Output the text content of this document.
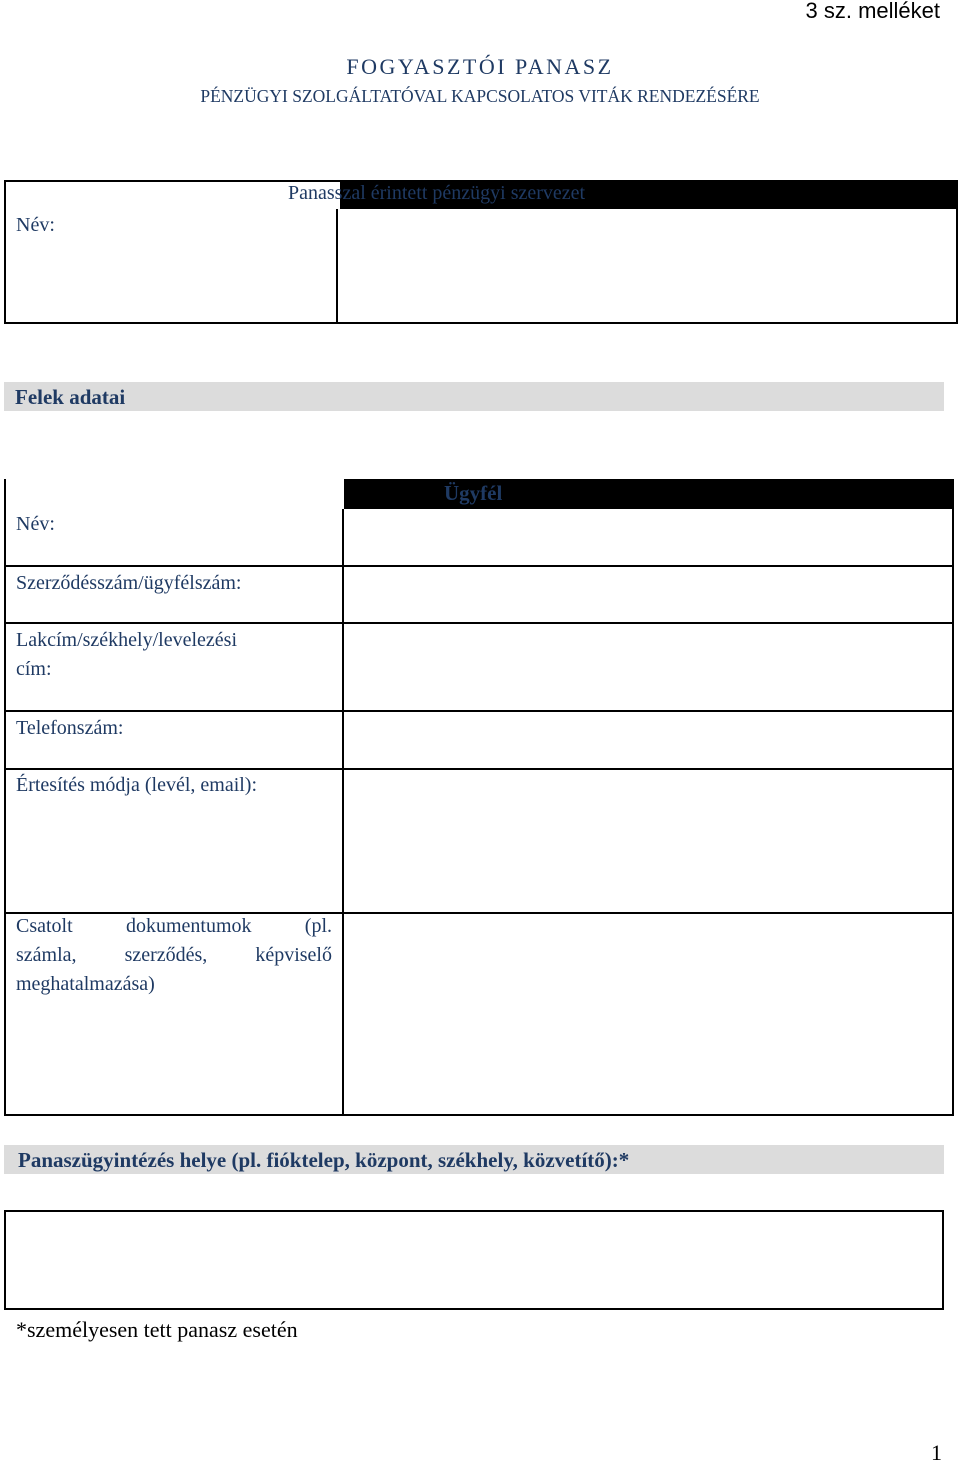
3 sz. melléket
FOGYASZTÓI PANASZ
PÉNZÜGYI SZOLGÁLTATÓVAL KAPCSOLATOS VITÁK RENDEZÉSÉRE
Panasszal érintett pénzügyi szervezet
Név:
Felek adatai
Ügyfél
Név:
Szerződésszám/ügyfélszám:
Lakcím/székhely/levelezési
cím:
Telefonszám:
Értesítés módja (levél, email):
Csatolt dokumentumok (pl.
számla, szerződés, képviselő
meghatalmazása)
Panaszügyintézés helye (pl. fióktelep, központ, székhely, közvetítő):*
*személyesen tett panasz esetén
1
